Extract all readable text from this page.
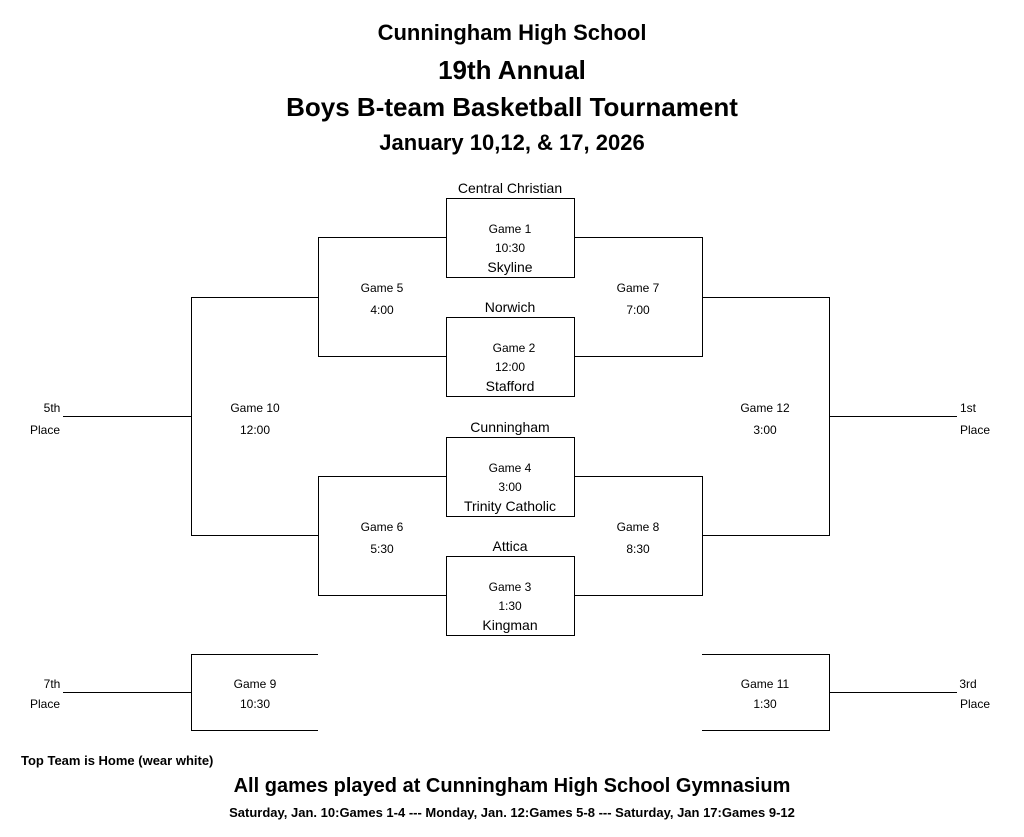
Cunningham High School
19th Annual
Boys B-team Basketball Tournament
January 10,12, & 17, 2026
Central Christian
Skyline
Norwich
Stafford
Cunningham
Trinity Catholic
Attica
Kingman
Game 1
10:30
Game 2
12:00
Game 4
3:00
Game 3
1:30
Game 5
4:00
Game 7
7:00
Game 6
5:30
Game 8
8:30
Game 10
12:00
Game 12
3:00
Game 9
10:30
Game 11
1:30
5th
Place
1st
Place
7th
Place
3rd
Place
Top Team is Home (wear white)
All games played at Cunningham High School Gymnasium
Saturday, Jan. 10:Games 1-4 --- Monday, Jan. 12:Games 5-8 --- Saturday, Jan 17:Games 9-12
